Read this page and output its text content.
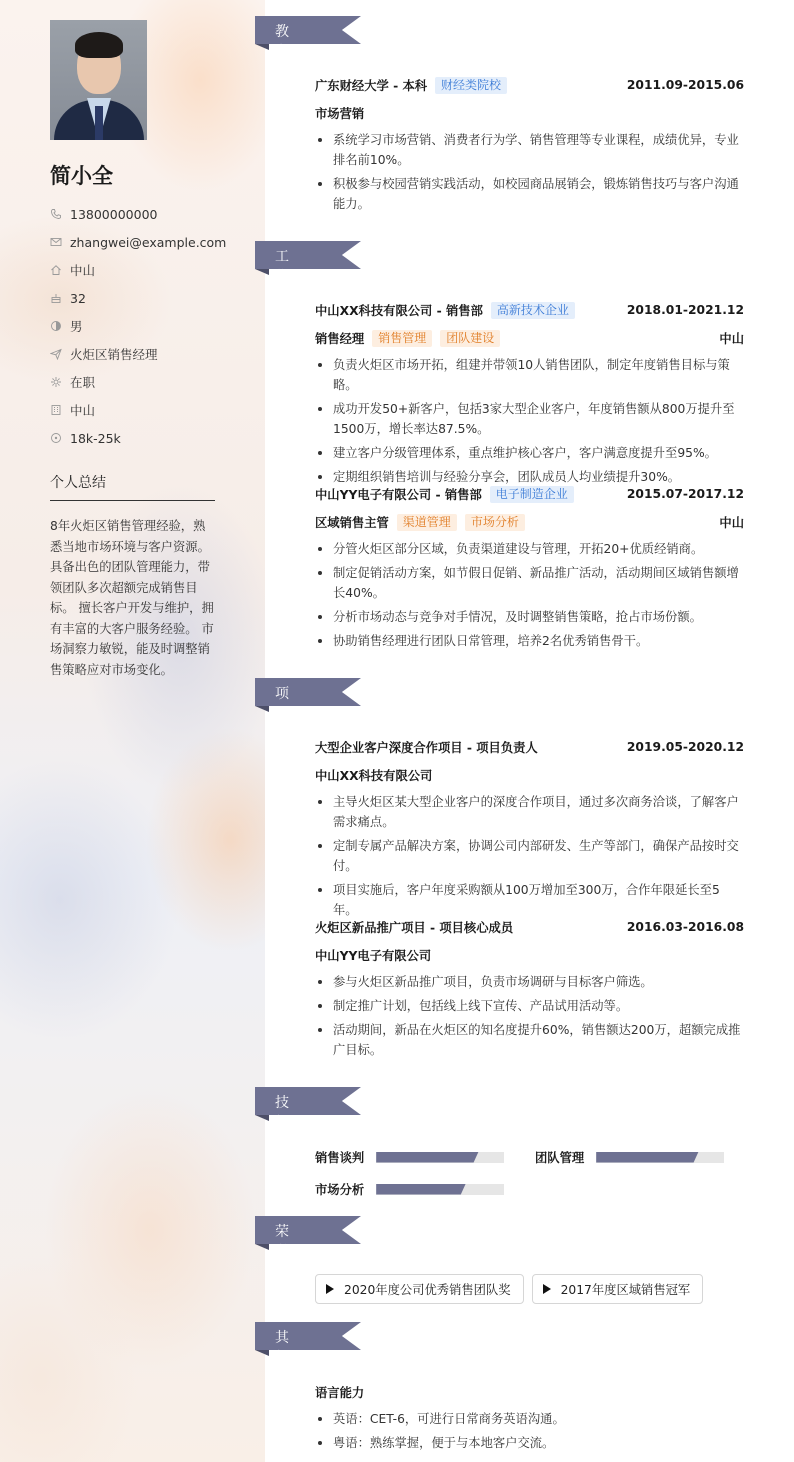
简小全
13800000000
zhangwei@example.com
中山
32
男
火炬区销售经理
在职
中山
18k-25k
个人总结
8年火炬区销售管理经验，熟悉当地市场环境与客户资源。 具备出色的团队管理能力，带领团队多次超额完成销售目标。 擅长客户开发与维护，拥有丰富的大客户服务经验。 市场洞察力敏锐，能及时调整销售策略应对市场变化。
教育经历 广东财经大学 - 本科	财经类院校	2011.09-2015.06
市场营销
系统学习市场营销、消费者行为学、销售管理等专业课程，成绩优异，专业排名前10%。
积极参与校园营销实践活动，如校园商品展销会，锻炼销售技巧与客户沟通能力。
工作经历 中山XX科技有限公司 - 销售部	高新技术企业	2018.01-2021.12
销售经理	销售管理	团队建设	中山
负责火炬区市场开拓，组建并带领10人销售团队，制定年度销售目标与策略。
成功开发50+新客户，包括3家大型企业客户，年度销售额从800万提升至1500万，增长率达87.5%。
建立客户分级管理体系，重点维护核心客户，客户满意度提升至95%。
定期组织销售培训与经验分享会，团队成员人均业绩提升30%。
中山YY电子有限公司 - 销售部	电子制造企业	2015.07-2017.12
区域销售主管	渠道管理	市场分析	中山
分管火炬区部分区域，负责渠道建设与管理，开拓20+优质经销商。
制定促销活动方案，如节假日促销、新品推广活动，活动期间区域销售额增长40%。
分析市场动态与竞争对手情况，及时调整销售策略，抢占市场份额。
协助销售经理进行团队日常管理，培养2名优秀销售骨干。
项目经历 大型企业客户深度合作项目 - 项目负责人	2019.05-2020.12
中山XX科技有限公司
主导火炬区某大型企业客户的深度合作项目，通过多次商务洽谈，了解客户需求痛点。
定制专属产品解决方案，协调公司内部研发、生产等部门，确保产品按时交付。
项目实施后，客户年度采购额从100万增加至300万，合作年限延长至5年。
火炬区新品推广项目 - 项目核心成员	2016.03-2016.08
中山YY电子有限公司
参与火炬区新品推广项目，负责市场调研与目标客户筛选。
制定推广计划，包括线上线下宣传、产品试用活动等。
活动期间，新品在火炬区的知名度提升60%，销售额达200万，超额完成推广目标。
技能专长 销售谈判	团队管理
市场分析
荣誉奖项	2020年度公司优秀销售团队奖	2017年度区域销售冠军
其他信息 语言能力
英语：CET-6，可进行日常商务英语沟通。
粤语：熟练掌握，便于与本地客户交流。
